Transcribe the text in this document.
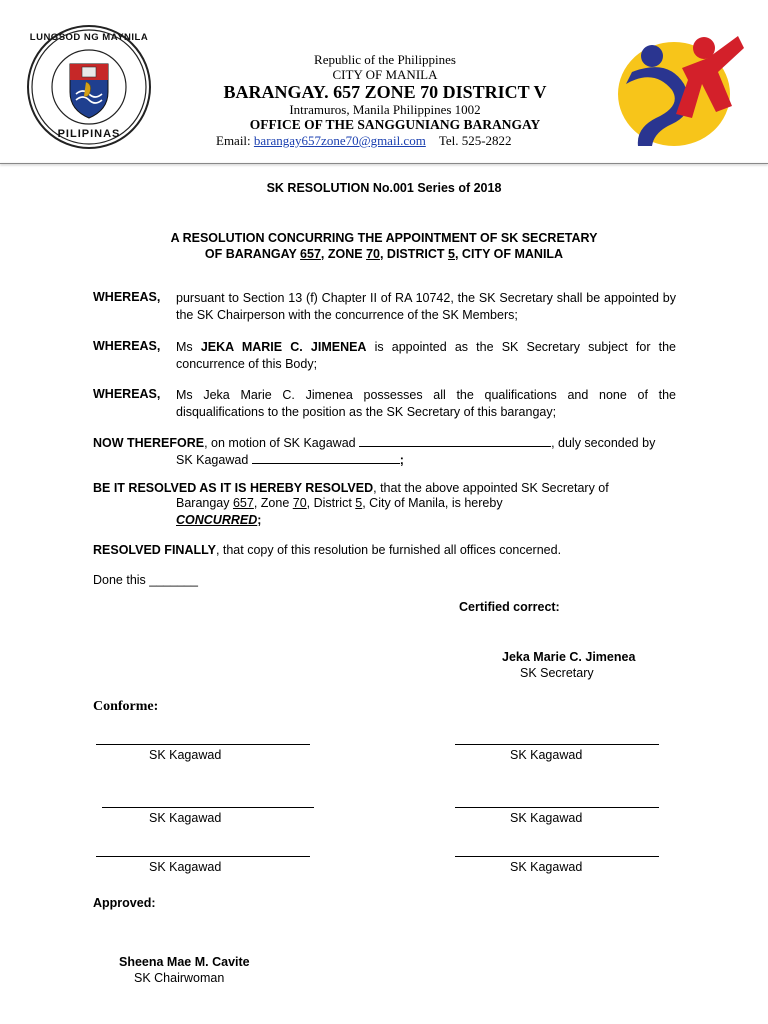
LUNGSOD NG MAYNILA
PILIPINAS
Republic of the Philippines
CITY OF MANILA
BARANGAY. 657 ZONE 70 DISTRICT V
Intramuros, Manila Philippines 1002
OFFICE OF THE SANGGUNIANG BARANGAY
Email: barangay657zone70@gmail.com Tel. 525-2822
SK RESOLUTION No.001 Series of 2018
A RESOLUTION CONCURRING THE APPOINTMENT OF SK SECRETARY
OF BARANGAY 657, ZONE 70, DISTRICT 5, CITY OF MANILA
WHEREAS, pursuant to Section 13 (f) Chapter II of RA 10742, the SK Secretary shall be appointed by the SK Chairperson with the concurrence of the SK Members;
WHEREAS, Ms JEKA MARIE C. JIMENEA is appointed as the SK Secretary subject for the concurrence of this Body;
WHEREAS, Ms Jeka Marie C. Jimenea possesses all the qualifications and none of the disqualifications to the position as the SK Secretary of this barangay;
NOW THEREFORE, on motion of SK Kagawad	, duly seconded by
SK Kagawad	;
BE IT RESOLVED AS IT IS HEREBY RESOLVED, that the above appointed SK Secretary of
Barangay 657, Zone 70, District 5, City of Manila, is hereby
CONCURRED;
RESOLVED FINALLY, that copy of this resolution be furnished all offices concerned.
Done this _______
Certified correct:
Jeka Marie C. Jimenea
SK Secretary
Conforme:
SK Kagawad	SK Kagawad
SK Kagawad	SK Kagawad
SK Kagawad	SK Kagawad
Approved:
Sheena Mae M. Cavite
SK Chairwoman
